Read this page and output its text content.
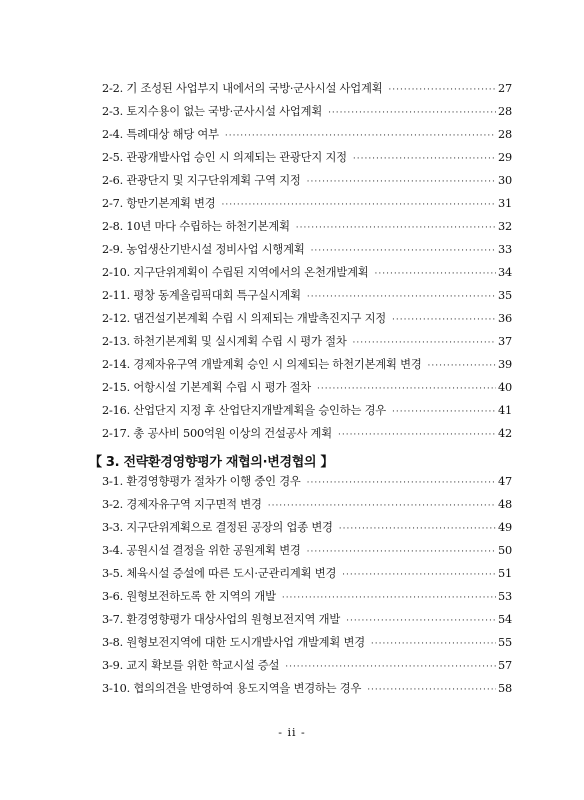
2-2. 기 조성된 사업부지 내에서의 국방·군사시설 사업계획 ·····	27
2-3. 토지수용이 없는 국방·군사시설 사업계획 ·····	28
2-4. 특례대상 해당 여부 ·····	28
2-5. 관광개발사업 승인 시 의제되는 관광단지 지정 ·····	29
2-6. 관광단지 및 지구단위계획 구역 지정 ·····	30
2-7. 항만기본계획 변경 ·····	31
2-8. 10년 마다 수립하는 하천기본계획 ·····	32
2-9. 농업생산기반시설 정비사업 시행계획 ·····	33
2-10. 지구단위계획이 수립된 지역에서의 온천개발계획 ·····	34
2-11. 평창 동계올림픽대회 특구실시계획 ·····	35
2-12. 댐건설기본계획 수립 시 의제되는 개발촉진지구 지정 ·····	36
2-13. 하천기본계획 및 실시계획 수립 시 평가 절차 ·····	37
2-14. 경제자유구역 개발계획 승인 시 의제되는 하천기본계획 변경 ·····	39
2-15. 어항시설 기본계획 수립 시 평가 절차 ·····	40
2-16. 산업단지 지정 후 산업단지개발계획을 승인하는 경우 ·····	41
2-17. 총 공사비 500억원 이상의 건설공사 계획 ·····	42
【 3. 전략환경영향평가 재협의·변경협의 】
3-1. 환경영향평가 절차가 이행 중인 경우 ·····	47
3-2. 경제자유구역 지구면적 변경 ·····	48
3-3. 지구단위계획으로 결정된 공장의 업종 변경 ·····	49
3-4. 공원시설 결정을 위한 공원계획 변경 ·····	50
3-5. 체육시설 증설에 따른 도시·군관리계획 변경 ·····	51
3-6. 원형보전하도록 한 지역의 개발 ·····	53
3-7. 환경영향평가 대상사업의 원형보전지역 개발 ·····	54
3-8. 원형보전지역에 대한 도시개발사업 개발계획 변경 ·····	55
3-9. 교지 확보를 위한 학교시설 증설 ·····	57
3-10. 협의의견을 반영하여 용도지역을 변경하는 경우 ·····	58
- ii -
